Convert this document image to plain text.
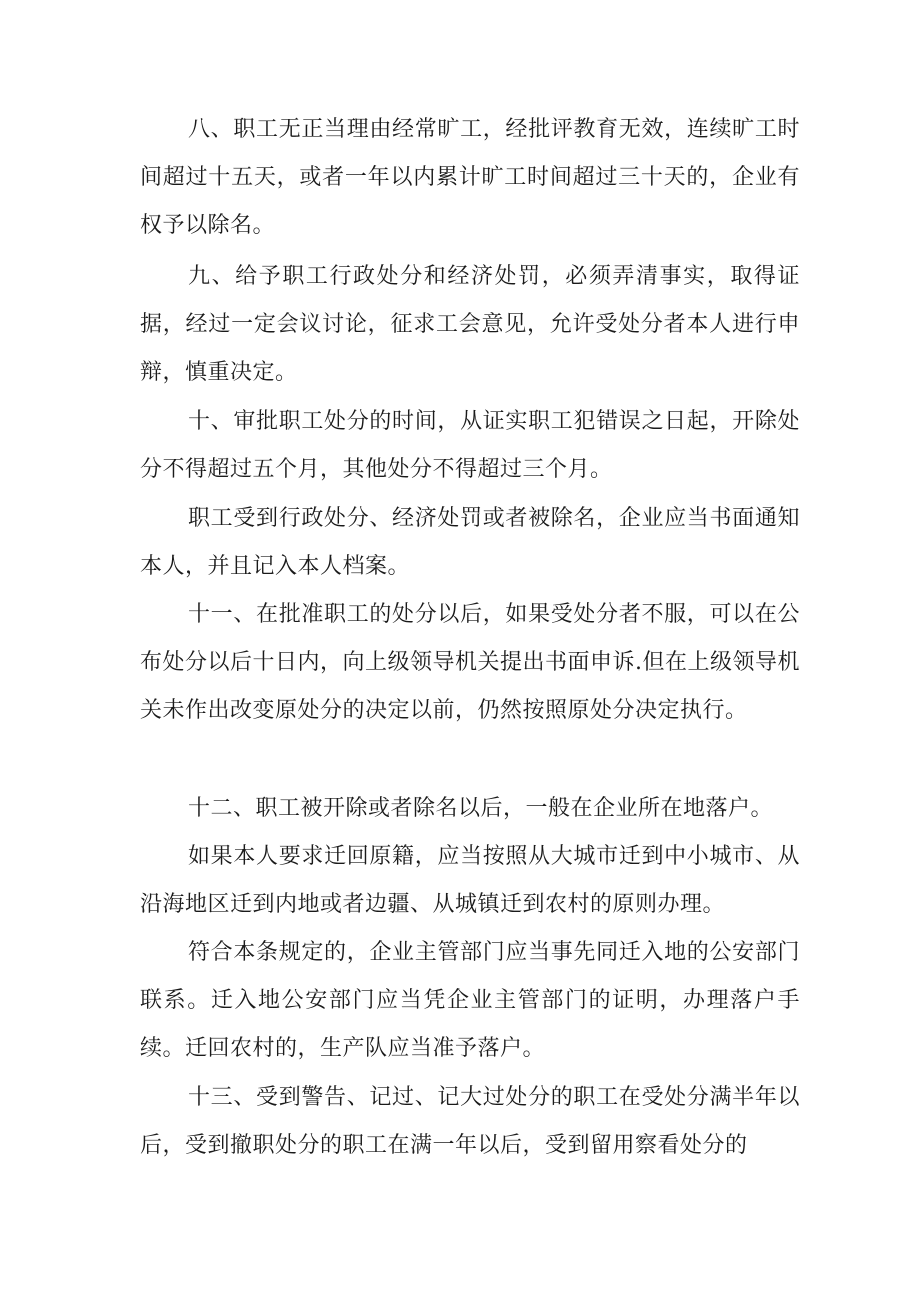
八、职工无正当理由经常旷工，经批评教育无效，连续旷工时间超过十五天，或者一年以内累计旷工时间超过三十天的，企业有权予以除名。

九、给予职工行政处分和经济处罚，必须弄清事实，取得证据，经过一定会议讨论，征求工会意见，允许受处分者本人进行申辩，慎重决定。

十、审批职工处分的时间，从证实职工犯错误之日起，开除处分不得超过五个月，其他处分不得超过三个月。

职工受到行政处分、经济处罚或者被除名，企业应当书面通知本人，并且记入本人档案。

十一、在批准职工的处分以后，如果受处分者不服，可以在公布处分以后十日内，向上级领导机关提出书面申诉.但在上级领导机关未作出改变原处分的决定以前，仍然按照原处分决定执行。

十二、职工被开除或者除名以后，一般在企业所在地落户。

如果本人要求迁回原籍，应当按照从大城市迁到中小城市、从沿海地区迁到内地或者边疆、从城镇迁到农村的原则办理。

符合本条规定的，企业主管部门应当事先同迁入地的公安部门联系。迁入地公安部门应当凭企业主管部门的证明，办理落户手续。迁回农村的，生产队应当准予落户。

十三、受到警告、记过、记大过处分的职工在受处分满半年以后，受到撤职处分的职工在满一年以后，受到留用察看处分的
